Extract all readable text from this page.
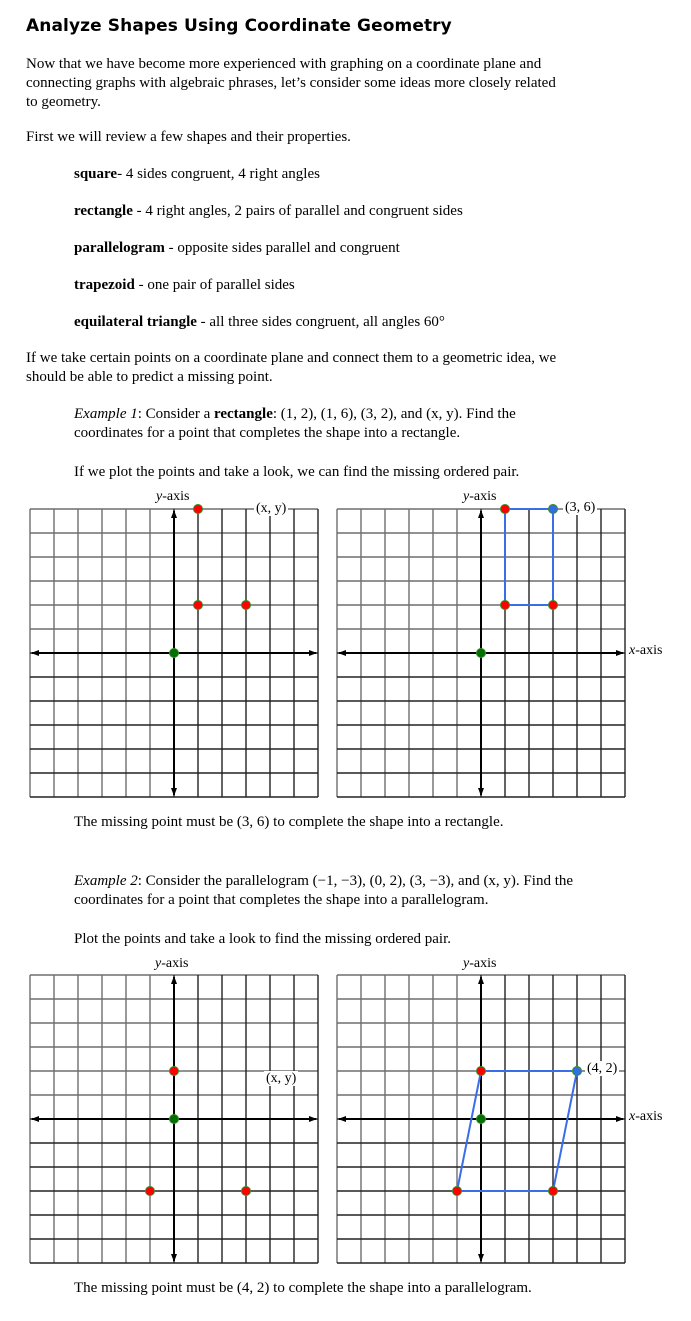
Analyze Shapes Using Coordinate Geometry
Now that we have become more experienced with graphing on a coordinate plane and
connecting graphs with algebraic phrases, let’s consider some ideas more closely related
to geometry.
First we will review a few shapes and their properties.
square- 4 sides congruent, 4 right angles
rectangle - 4 right angles, 2 pairs of parallel and congruent sides
parallelogram - opposite sides parallel and congruent
trapezoid - one pair of parallel sides
equilateral triangle - all three sides congruent, all angles 60°
If we take certain points on a coordinate plane and connect them to a geometric idea, we
should be able to predict a missing point.
Example 1: Consider a rectangle: (1, 2), (1, 6), (3, 2), and (x, y). Find the
coordinates for a point that completes the shape into a rectangle.
If we plot the points and take a look, we can find the missing ordered pair.
The missing point must be (3, 6) to complete the shape into a rectangle.
Example 2: Consider the parallelogram (−1, −3), (0, 2), (3, −3), and (x, y). Find the
coordinates for a point that completes the shape into a parallelogram.
Plot the points and take a look to find the missing ordered pair.
The missing point must be (4, 2) to complete the shape into a parallelogram.
y-axis	y-axis
x-axis
(x, y)	(3, 6)
y-axis	y-axis
x-axis
(x, y)
(4, 2)
